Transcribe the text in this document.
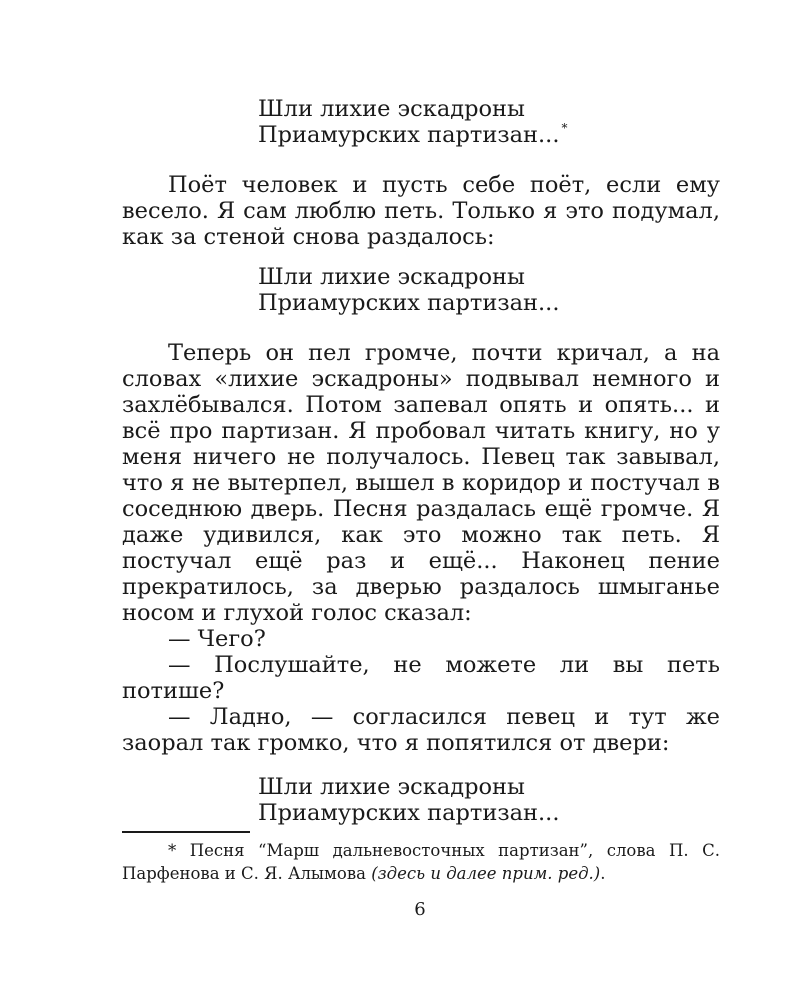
Шли лихие эскадроны
Приамурских партизан... *

Поёт человек и пусть себе поёт, если ему весело. Я сам люблю петь. Только я это подумал, как за стеной снова раздалось:

Шли лихие эскадроны
Приамурских партизан...

Теперь он пел громче, почти кричал, а на словах «лихие эскадроны» подвывал немного и захлёбывался. Потом запевал опять и опять... и всё про партизан. Я пробовал читать книгу, но у меня ничего не получалось. Певец так завывал, что я не вытерпел, вышел в коридор и постучал в соседнюю дверь. Песня раздалась ещё громче. Я даже удивился, как это можно так петь. Я постучал ещё раз и ещё... Наконец пение прекратилось, за дверью раздалось шмыганье носом и глухой голос сказал:

— Чего?

— Послушайте, не можете ли вы петь потише?

— Ладно, — согласился певец и тут же заорал так громко, что я попятился от двери:

Шли лихие эскадроны
Приамурских партизан...
* Песня “Марш дальневосточных партизан”, слова П. С. Парфенова и С. Я. Алымова (здесь и далее прим. ред.).
6
